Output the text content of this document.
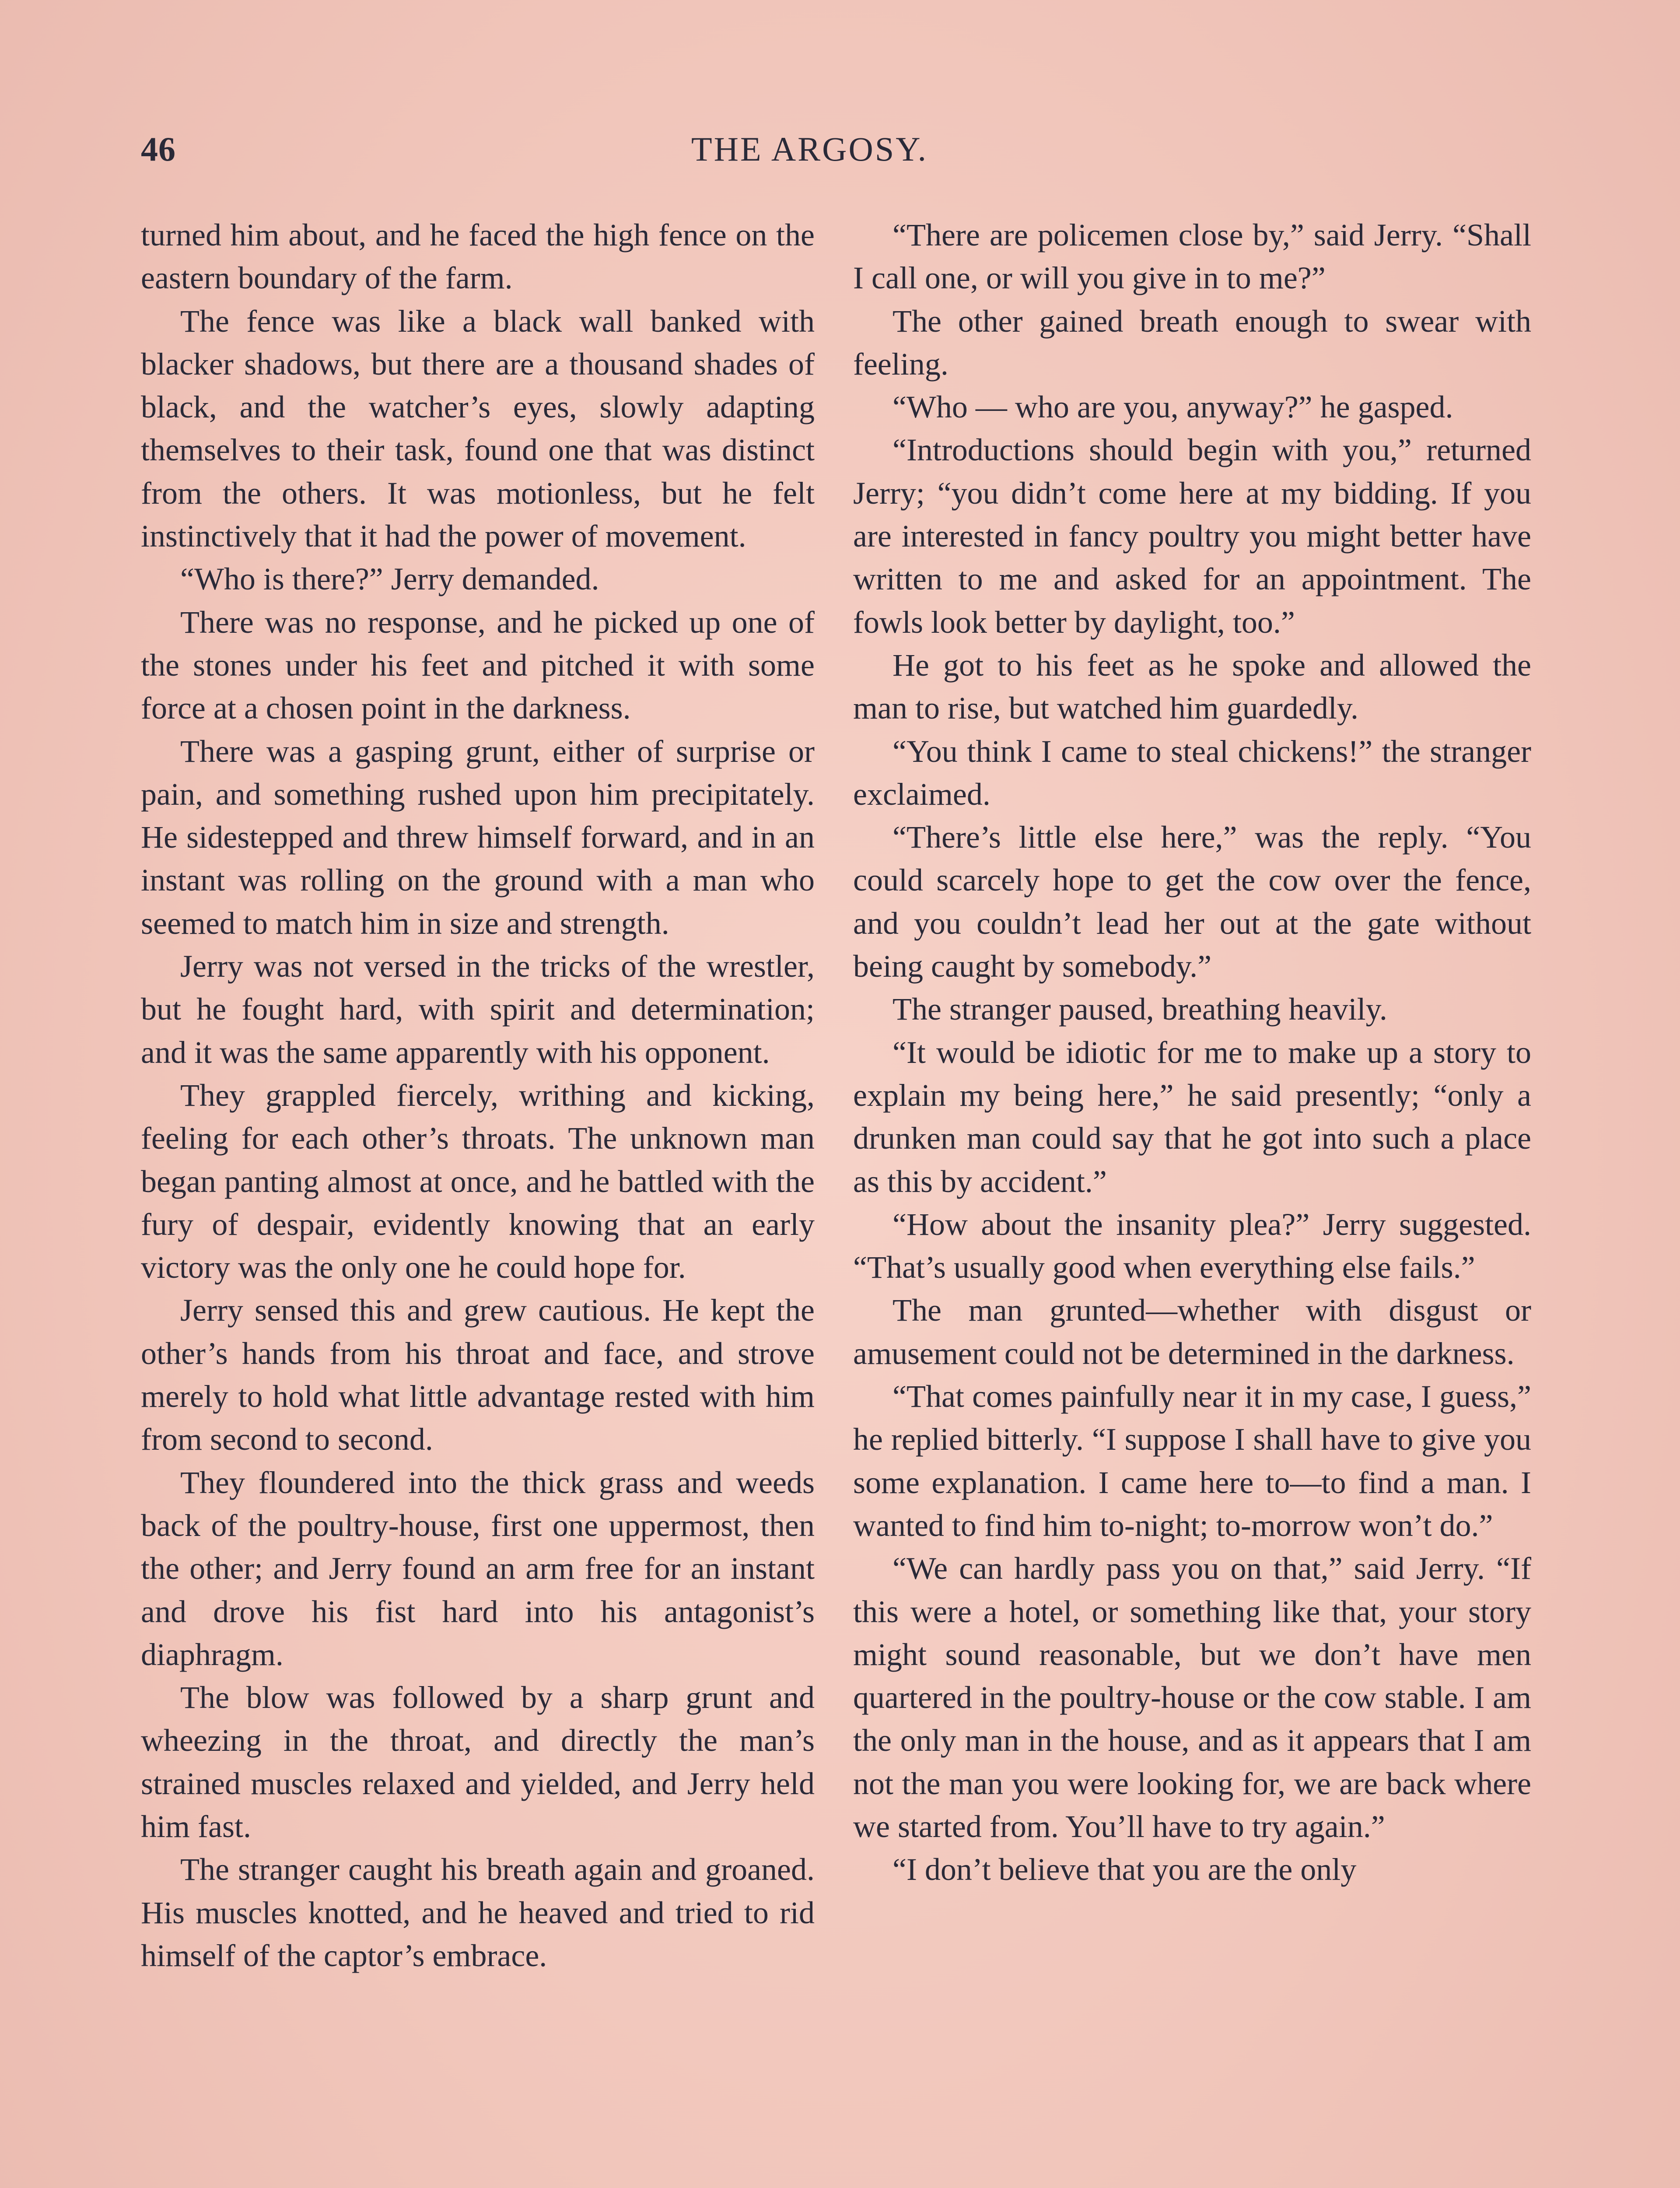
46	THE ARGOSY.

turned him about, and he faced the high fence on the eastern boundary of the farm.

The fence was like a black wall banked with blacker shadows, but there are a thousand shades of black, and the watcher’s eyes, slowly adapting themselves to their task, found one that was distinct from the others. It was motionless, but he felt instinctively that it had the power of movement.

“Who is there?” Jerry demanded.

There was no response, and he picked up one of the stones under his feet and pitched it with some force at a chosen point in the darkness.

There was a gasping grunt, either of surprise or pain, and something rushed upon him precipitately. He sidestepped and threw himself forward, and in an instant was rolling on the ground with a man who seemed to match him in size and strength.

Jerry was not versed in the tricks of the wrestler, but he fought hard, with spirit and determination; and it was the same apparently with his opponent.

They grappled fiercely, writhing and kicking, feeling for each other’s throats. The unknown man began panting almost at once, and he battled with the fury of despair, evidently knowing that an early victory was the only one he could hope for.

Jerry sensed this and grew cautious. He kept the other’s hands from his throat and face, and strove merely to hold what little advantage rested with him from second to second.

They floundered into the thick grass and weeds back of the poultry-house, first one uppermost, then the other; and Jerry found an arm free for an instant and drove his fist hard into his antagonist’s diaphragm.

The blow was followed by a sharp grunt and wheezing in the throat, and directly the man’s strained muscles relaxed and yielded, and Jerry held him fast.

The stranger caught his breath again and groaned. His muscles knotted, and he heaved and tried to rid himself of the captor’s embrace.

“There are policemen close by,” said Jerry. “Shall I call one, or will you give in to me?”

The other gained breath enough to swear with feeling.

“Who — who are you, anyway?” he gasped.

“Introductions should begin with you,” returned Jerry; “you didn’t come here at my bidding. If you are interested in fancy poultry you might better have written to me and asked for an appointment. The fowls look better by daylight, too.”

He got to his feet as he spoke and allowed the man to rise, but watched him guardedly.

“You think I came to steal chickens!” the stranger exclaimed.

“There’s little else here,” was the reply. “You could scarcely hope to get the cow over the fence, and you couldn’t lead her out at the gate without being caught by somebody.”

The stranger paused, breathing heavily.

“It would be idiotic for me to make up a story to explain my being here,” he said presently; “only a drunken man could say that he got into such a place as this by accident.”

“How about the insanity plea?” Jerry suggested. “That’s usually good when everything else fails.”

The man grunted—whether with disgust or amusement could not be determined in the darkness.

“That comes painfully near it in my case, I guess,” he replied bitterly. “I suppose I shall have to give you some explanation. I came here to—to find a man. I wanted to find him to-night; to-morrow won’t do.”

“We can hardly pass you on that,” said Jerry. “If this were a hotel, or something like that, your story might sound reasonable, but we don’t have men quartered in the poultry-house or the cow stable. I am the only man in the house, and as it appears that I am not the man you were looking for, we are back where we started from. You’ll have to try again.”

“I don’t believe that you are the only
